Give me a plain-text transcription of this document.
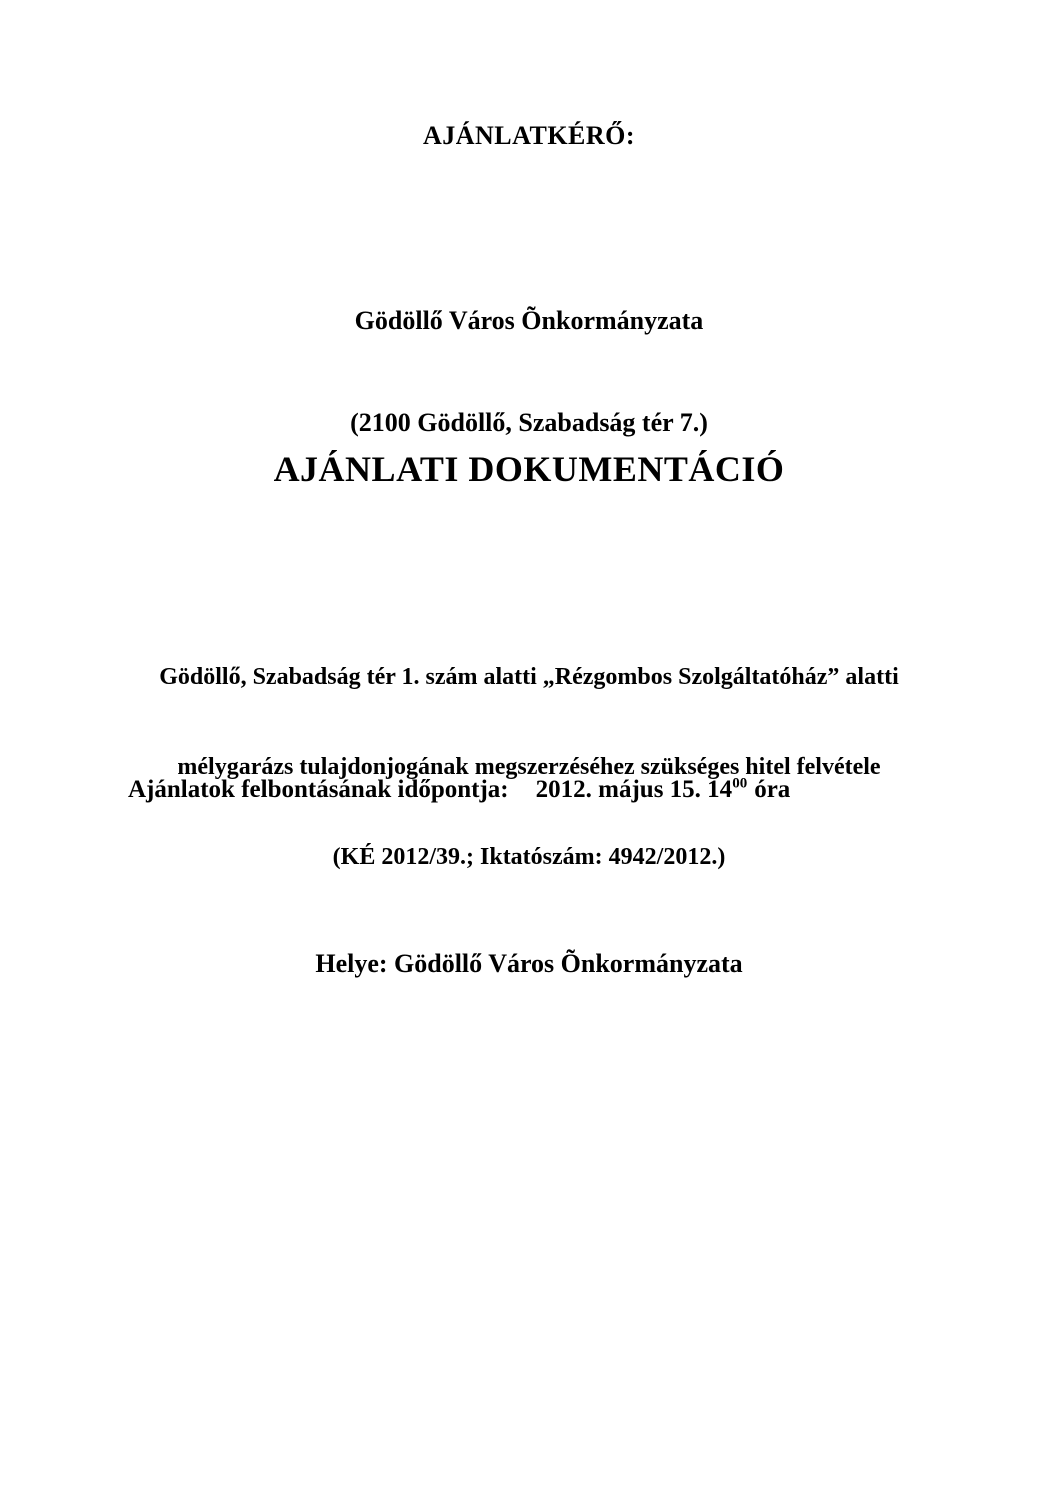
AJÁNLATKÉRŐ:

Gödöllő Város Õnkormányzata

(2100 Gödöllő, Szabadság tér 7.)

AJÁNLATI DOKUMENTÁCIÓ

Gödöllő, Szabadság tér 1. szám alatti „Rézgombos Szolgáltatóház” alatti

mélygarázs tulajdonjogának megszerzéséhez szükséges hitel felvétele

(KÉ 2012/39.; Iktatószám: 4942/2012.)

Ajánlatok felbontásának időpontja: 2012. május 15. $14^{00}$ óra
Helye: Gödöllő Város Õnkormányzata
